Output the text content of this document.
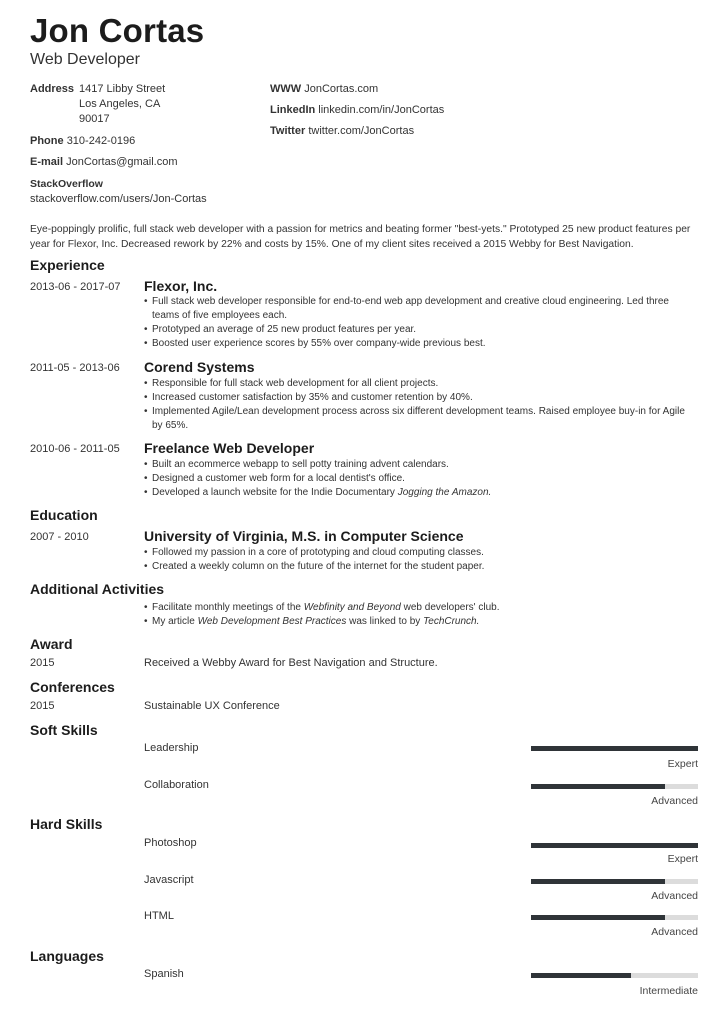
Jon Cortas
Web Developer
Address 1417 Libby Street
Los Angeles, CA
90017
Phone 310-242-0196
E-mail JonCortas@gmail.com
StackOverflow
stackoverflow.com/users/Jon-Cortas
WWW JonCortas.com
LinkedIn linkedin.com/in/JonCortas
Twitter twitter.com/JonCortas
Eye-poppingly prolific, full stack web developer with a passion for metrics and beating former "best-yets." Prototyped 25 new product features per year for Flexor, Inc. Decreased rework by 22% and costs by 15%. One of my client sites received a 2015 Webby for Best Navigation.
Experience
2013-06 - 2017-07 Flexor, Inc.
• Full stack web developer responsible for end-to-end web app development and creative cloud engineering. Led three teams of five employees each.
• Prototyped an average of 25 new product features per year.
• Boosted user experience scores by 55% over company-wide previous best.
2011-05 - 2013-06 Corend Systems
• Responsible for full stack web development for all client projects.
• Increased customer satisfaction by 35% and customer retention by 40%.
• Implemented Agile/Lean development process across six different development teams. Raised employee buy-in for Agile by 65%.
2010-06 - 2011-05 Freelance Web Developer
• Built an ecommerce webapp to sell potty training advent calendars.
• Designed a customer web form for a local dentist's office.
• Developed a launch website for the Indie Documentary Jogging the Amazon.
Education
2007 - 2010	University of Virginia, M.S. in Computer Science
• Followed my passion in a core of prototyping and cloud computing classes.
• Created a weekly column on the future of the internet for the student paper.
Additional Activities
• Facilitate monthly meetings of the Webfinity and Beyond web developers' club.
• My article Web Development Best Practices was linked to by TechCrunch.
Award
2015	Received a Webby Award for Best Navigation and Structure.
Conferences
2015	Sustainable UX Conference
Soft Skills
Leadership
Expert
Collaboration
Advanced
Hard Skills
Photoshop
Expert
Javascript
Advanced
HTML
Advanced
Languages
Spanish
Intermediate
